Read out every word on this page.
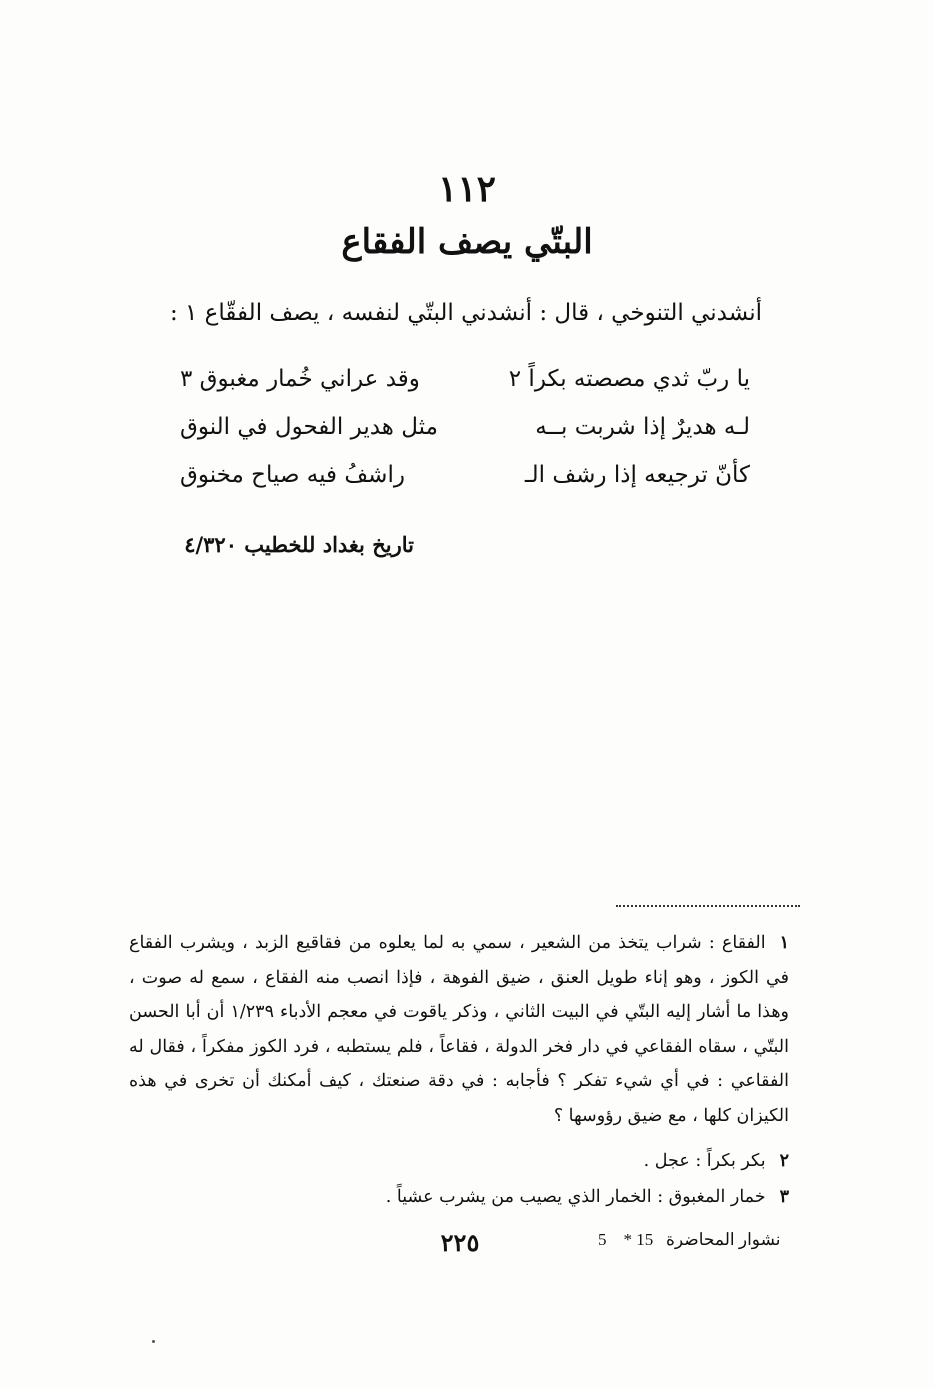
١١٢
البتّي يصف الفقاع
أنشدني التنوخي ، قال : أنشدني البتّي لنفسه ، يصف الفقّاع ١ :
يا ربّ ثدي مصصته بكراً ٢
وقد عراني خُمار مغبوق ٣
لـه هديرٌ إذا شربت بــه
مثل هدير الفحول في النوق
كأنّ ترجيعه إذا رشف الـ
راشفُ فيه صياح مخنوق
تاريخ بغداد للخطيب ٤/٣٢٠
١الفقاع : شراب يتخذ من الشعير ، سمي به لما يعلوه من فقاقيع الزبد ، ويشرب الفقاع في الكوز ، وهو إناء طويل العنق ، ضيق الفوهة ، فإذا انصب منه الفقاع ، سمع له صوت ، وهذا ما أشار إليه البتّي في البيت الثاني ، وذكر ياقوت في معجم الأدباء ١/٢٣٩ أن أبا الحسن البتّي ، سقاه الفقاعي في دار فخر الدولة ، فقاعاً ، فلم يستطبه ، فرد الكوز مفكراً ، فقال له الفقاعي : في أي شيء تفكر ؟ فأجابه : في دقة صنعتك ، كيف أمكنك أن تخرى في هذه الكيزان كلها ، مع ضيق رؤوسها ؟
٢بكر بكراً : عجل .
٣خمار المغبوق : الخمار الذي يصيب من يشرب عشياً .
٢٢٥	5 * نشوار المحاضرة   15
